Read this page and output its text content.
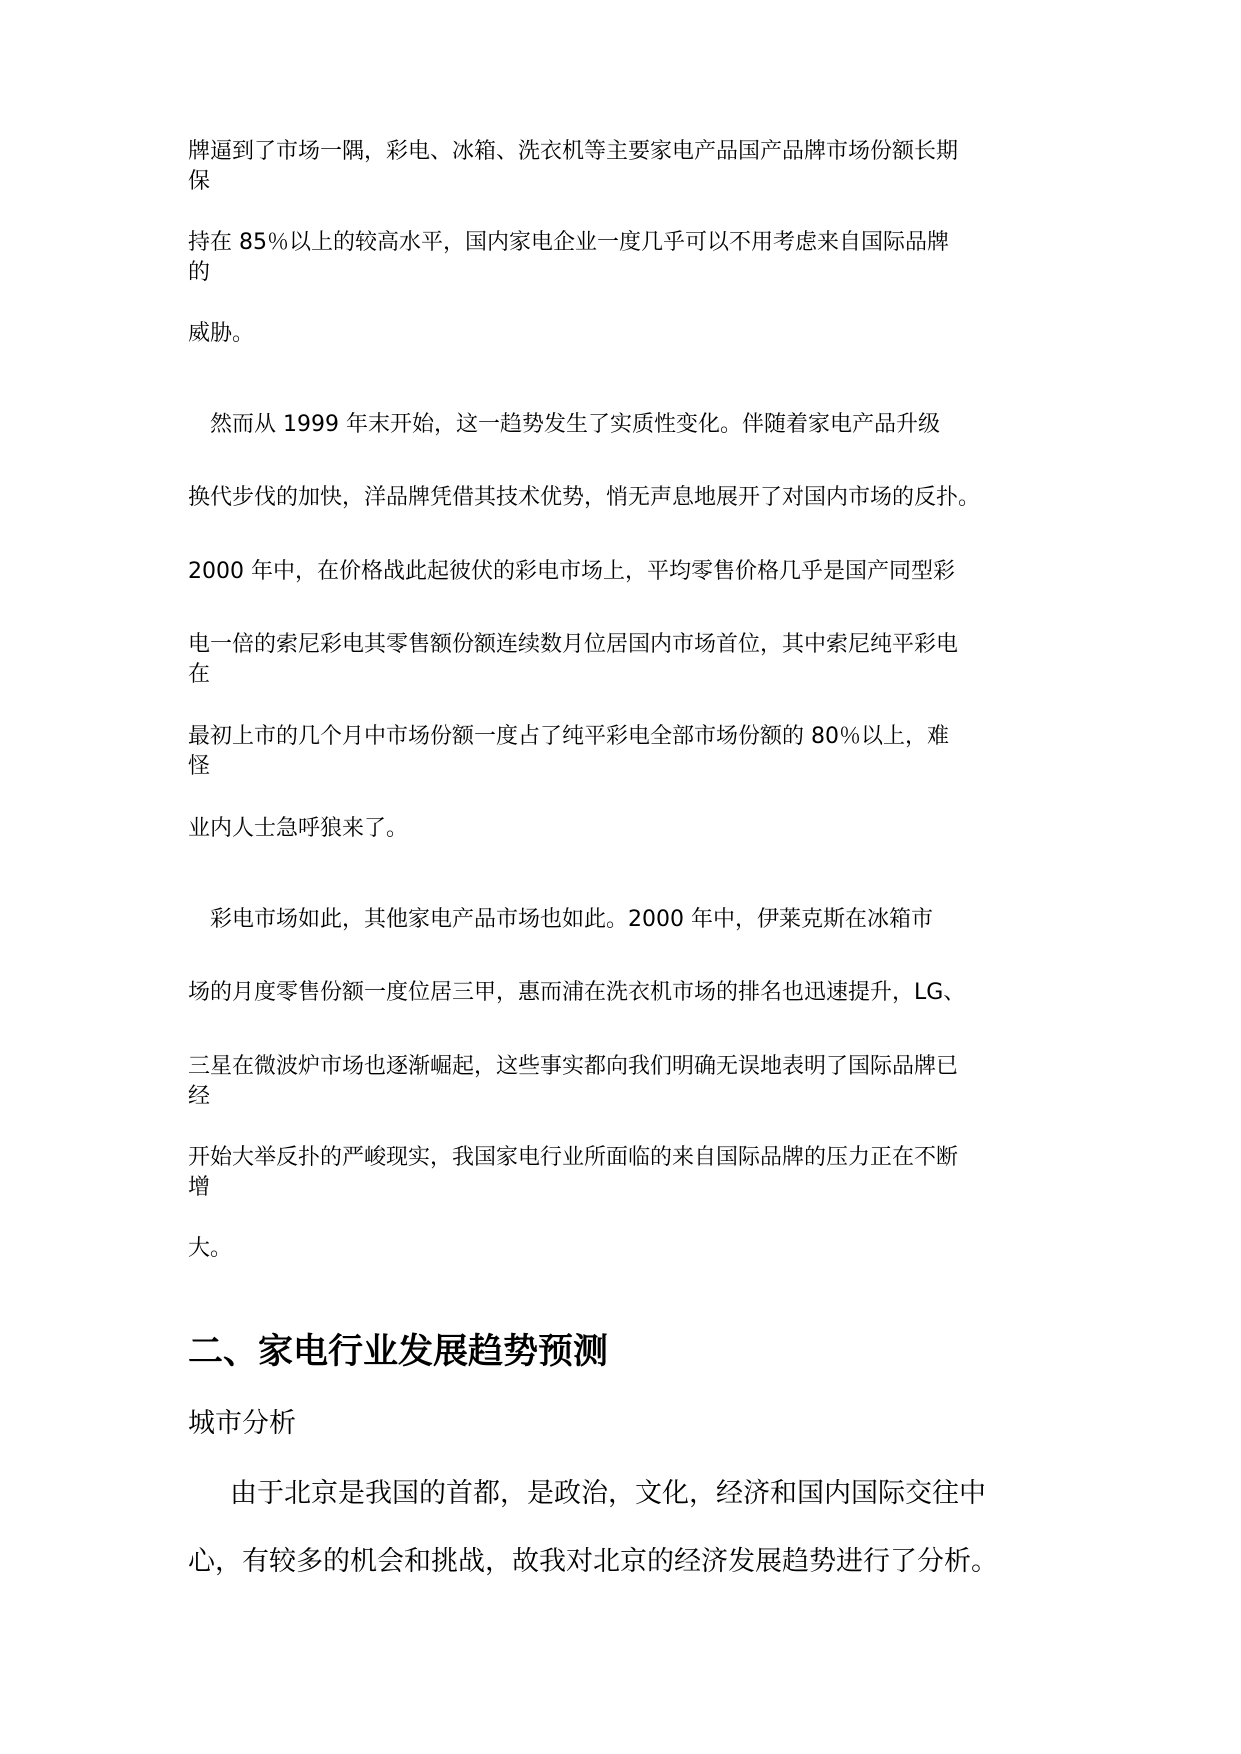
牌逼到了市场一隅，彩电、冰箱、洗衣机等主要家电产品国产品牌市场份额长期
保
持在 85％以上的较高水平，国内家电企业一度几乎可以不用考虑来自国际品牌
的
威胁。
然而从 1999 年末开始，这一趋势发生了实质性变化。伴随着家电产品升级
换代步伐的加快，洋品牌凭借其技术优势，悄无声息地展开了对国内市场的反扑。
2000 年中，在价格战此起彼伏的彩电市场上，平均零售价格几乎是国产同型彩
电一倍的索尼彩电其零售额份额连续数月位居国内市场首位，其中索尼纯平彩电
在
最初上市的几个月中市场份额一度占了纯平彩电全部市场份额的 80％以上，难
怪
业内人士急呼狼来了。
彩电市场如此，其他家电产品市场也如此。2000 年中，伊莱克斯在冰箱市
场的月度零售份额一度位居三甲，惠而浦在洗衣机市场的排名也迅速提升，LG、
三星在微波炉市场也逐渐崛起，这些事实都向我们明确无误地表明了国际品牌已
经
开始大举反扑的严峻现实，我国家电行业所面临的来自国际品牌的压力正在不断
增
大。
二、家电行业发展趋势预测
城市分析
由于北京是我国的首都，是政治，文化，经济和国内国际交往中
心，有较多的机会和挑战，故我对北京的经济发展趋势进行了分析。
